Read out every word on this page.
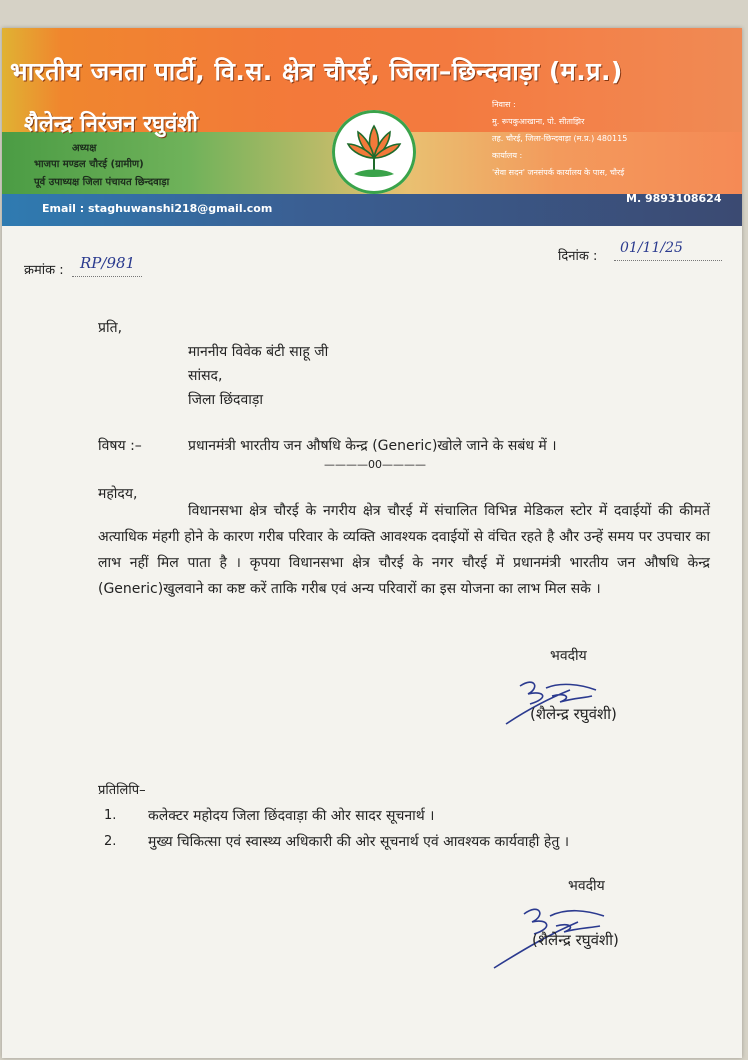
भारतीय जनता पार्टी, वि.स. क्षेत्र चौरई, जिला–छिन्दवाड़ा (म.प्र.)
शैलेन्द्र निरंजन रघुवंशी
अध्यक्ष
भाजपा मण्डल चौरई (ग्रामीण)
पूर्व उपाध्यक्ष जिला पंचायत छिन्दवाड़ा
निवास :
मु. रूपकुआखाना, पो. सीताझिर
तह. चौरई, जिला-छिन्दवाड़ा (म.प्र.) 480115
कार्यालय :
'सेवा सदन' जनसंपर्क कार्यालय के पास, चौरई
Email : staghuwanshi218@gmail.com
M. 9893108624
क्रमांक : RP/981	दिनांक :
01/11/25
प्रति,
माननीय विवेक बंटी साहू जी
सांसद,
जिला छिंदवाड़ा
विषय :–	प्रधानमंत्री भारतीय जन औषधि केन्द्र (Generic)खोले जाने के सबंध में ।
————00————
महोदय,
विधानसभा क्षेत्र चौरई के नगरीय क्षेत्र चौरई में संचालित विभिन्न मेडिकल स्टोर में दवाईयों की कीमतें अत्याधिक मंहगी होने के कारण गरीब परिवार के व्यक्ति आवश्यक दवाईयों से वंचित रहते है और उन्हें समय पर उपचार का लाभ नहीं मिल पाता है । कृपया विधानसभा क्षेत्र चौरई के नगर चौरई में प्रधानमंत्री भारतीय जन औषधि केन्द्र (Generic)खुलवाने का कष्ट करें ताकि गरीब एवं अन्य परिवारों का इस योजना का लाभ मिल सके ।
भवदीय
(शैलेन्द्र रघुवंशी)
प्रतिलिपि–
1. कलेक्टर महोदय जिला छिंदवाड़ा की ओर सादर सूचनार्थ ।
2. मुख्य चिकित्सा एवं स्वास्थ्य अधिकारी की ओर सूचनार्थ एवं आवश्यक कार्यवाही हेतु ।
भवदीय
(शैलेन्द्र रघुवंशी)
